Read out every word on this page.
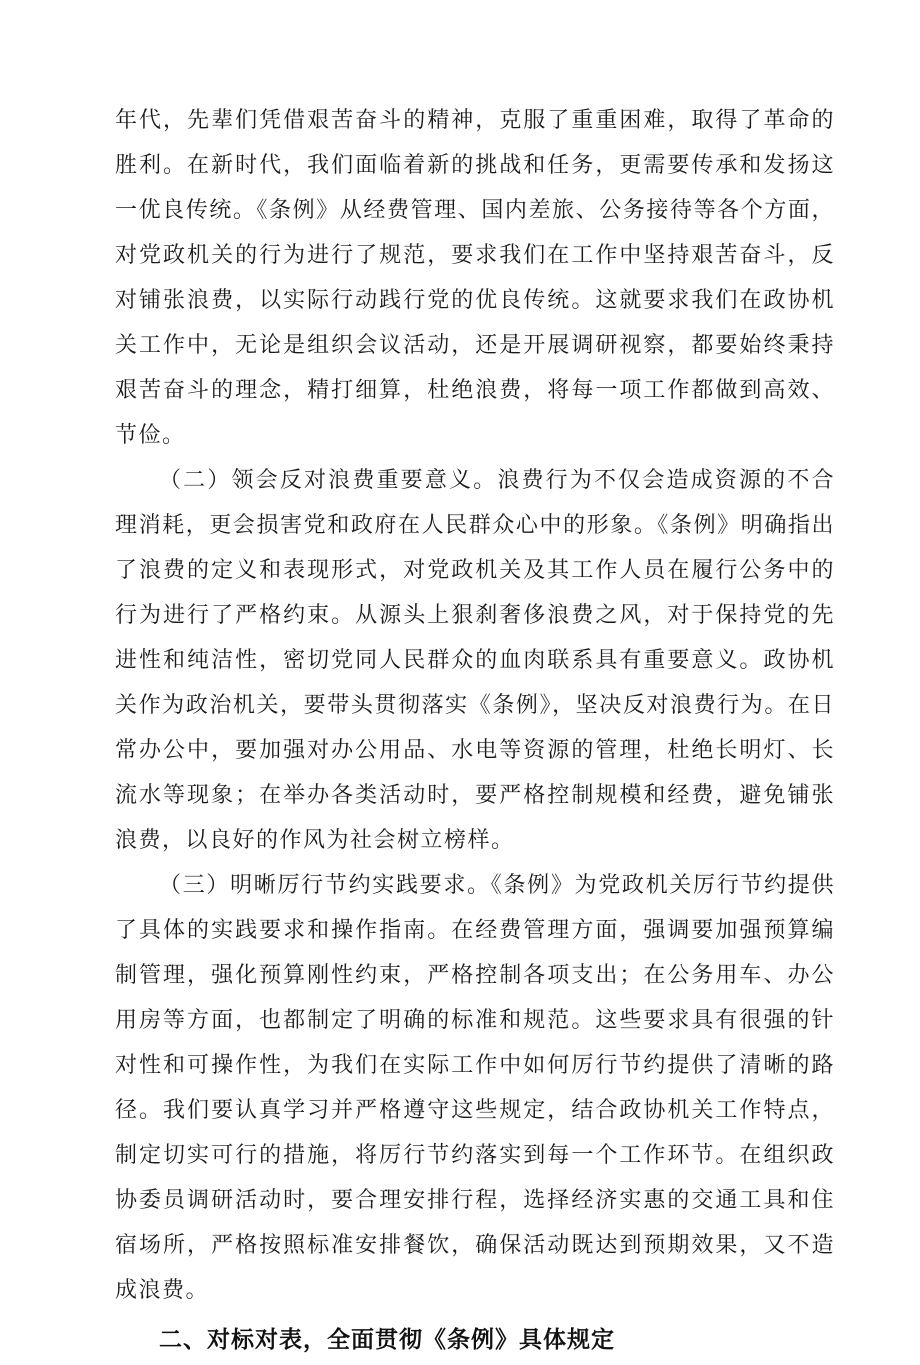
年代，先辈们凭借艰苦奋斗的精神，克服了重重困难，取得了革命的胜利。在新时代，我们面临着新的挑战和任务，更需要传承和发扬这一优良传统。《条例》从经费管理、国内差旅、公务接待等各个方面，对党政机关的行为进行了规范，要求我们在工作中坚持艰苦奋斗，反对铺张浪费，以实际行动践行党的优良传统。这就要求我们在政协机关工作中，无论是组织会议活动，还是开展调研视察，都要始终秉持艰苦奋斗的理念，精打细算，杜绝浪费，将每一项工作都做到高效、节俭。

（二）领会反对浪费重要意义。浪费行为不仅会造成资源的不合理消耗，更会损害党和政府在人民群众心中的形象。《条例》明确指出了浪费的定义和表现形式，对党政机关及其工作人员在履行公务中的行为进行了严格约束。从源头上狠刹奢侈浪费之风，对于保持党的先进性和纯洁性，密切党同人民群众的血肉联系具有重要意义。政协机关作为政治机关，要带头贯彻落实《条例》，坚决反对浪费行为。在日常办公中，要加强对办公用品、水电等资源的管理，杜绝长明灯、长流水等现象；在举办各类活动时，要严格控制规模和经费，避免铺张浪费，以良好的作风为社会树立榜样。

（三）明晰厉行节约实践要求。《条例》为党政机关厉行节约提供了具体的实践要求和操作指南。在经费管理方面，强调要加强预算编制管理，强化预算刚性约束，严格控制各项支出；在公务用车、办公用房等方面，也都制定了明确的标准和规范。这些要求具有很强的针对性和可操作性，为我们在实际工作中如何厉行节约提供了清晰的路径。我们要认真学习并严格遵守这些规定，结合政协机关工作特点，制定切实可行的措施，将厉行节约落实到每一个工作环节。在组织政协委员调研活动时，要合理安排行程，选择经济实惠的交通工具和住宿场所，严格按照标准安排餐饮，确保活动既达到预期效果，又不造成浪费。

二、对标对表，全面贯彻《条例》具体规定
